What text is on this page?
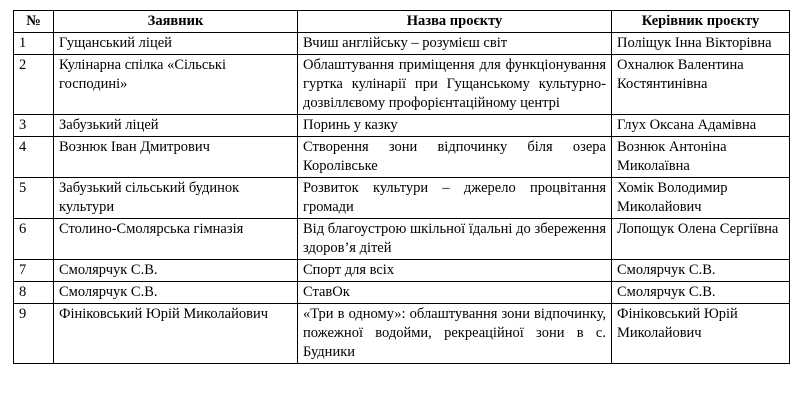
№	Заявник	Назва проєкту	Керівник проєкту
1	Гущанський ліцей	Вчиш англійську – розумієш світ	Поліщук Інна Вікторівна
2	Кулінарна спілка «Сільські господині»	Облаштування приміщення для функціонування гуртка кулінарії при Гущанському культурно-дозвіллєвому профорієнтаційному центрі	Охналюк Валентина Костянтинівна
3	Забузький ліцей	Поринь у казку	Глух Оксана Адамівна
4	Вознюк Іван Дмитрович	Створення зони відпочинку біля озера Королівське	Вознюк Антоніна Миколаївна
5	Забузький сільський будинок культури	Розвиток культури – джерело процвітання громади	Хомік Володимир Миколайович
6	Столино-Смолярська гімназія	Від благоустрою шкільної їдальні до збереження здоров’я дітей	Лопощук Олена Сергіївна
7	Смолярчук С.В.	Спорт для всіх	Смолярчук С.В.
8	Смолярчук С.В.	СтавОк	Смолярчук С.В.
9	Фініковський Юрій Миколайович	«Три в одному»: облаштування зони відпочинку, пожежної водойми, рекреаційної зони в с. Будники	Фініковський Юрій Миколайович
